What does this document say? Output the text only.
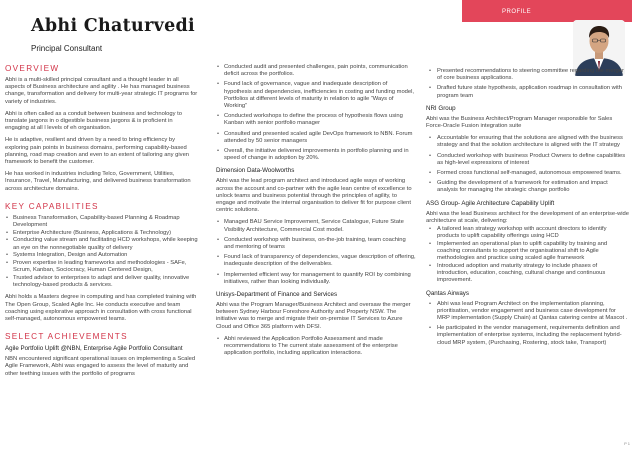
PROFILE
Abhi Chaturvedi
Principal Consultant
OVERVIEW

Abhi is a multi-skilled principal consultant and a thought leader in all aspects of Business architecture and agility . He has managed business change, transformation and delivery for multi-year strategic IT programs for variety of industries.

Abhi is often called as a conduit between business and technology to translate jargons in o digestible business jargons & is proficient in engaging at all l levels of eh organisation.

He is adaptive, resilient and driven by a need to bring efficiency by exploring pain points in business domains, performing capability-based planning, road map creation and even to an extent of tailoring any given framework to benefit the customer.

He has worked in industries including Telco, Government, Utilities, Insurance, Travel, Manufacturing, and delivered business transformation across architecture domains.

KEY CAPABILITIES
• Business Transformation, Capability-based Planning & Roadmap Development
• Enterprise Architecture (Business, Applications & Technology)
• Conducting value stream and facilitating HCD workshops, while keeping an eye on the nonnegotiable quality of delivery
• Systems Integration, Design and Automation
• Proven expertise in leading frameworks and methodologies - SAFe, Scrum, Kanban, Sociocracy, Human Centered Design,
• Trusted advisor to enterprises to adapt and deliver quality, innovative technology-based products & services.

Abhi holds a Masters degree in computing and has completed training with The Open Group, Scaled Agile Inc. He conducts executive and team coaching using explorative approach in consultation with cross functional self-managed, autonomous empowered teams.

SELECT ACHIEVEMENTS
Agile Portfolio Uplift @NBN, Enterprise Agile Portfolio Consultant

NBN encountered significant operational issues on implementing a Scaled Agile Framework, Abhi was engaged to assess the level of maturity and other teething issues with the portfolio of programs

• Conducted audit and presented challenges, pain points, communication deficit across the portfolios.
• Found lack of governance, vague and inadequate description of hypothesis and dependencies, inefficiencies in costing and funding model, Portfolios at different levels of maturity in relation to agile “Ways of Working”
• Conducted workshops to define the process of hypothesis flows using Kanban with senior portfolio manager
• Consulted and presented scaled agile DevOps framework to NBN. Forum attended by 50 senior managers
• Overall, the initiative delivered improvements in portfolio planning and in speed of change in adoption by 20%.
Dimension Data-Woolworths

Abhi was the lead program architect and introduced agile ways of working across the account and co-partner with the agile lean centre of excellence to unlock teams and business potential through the principles of agility, to engage and motivate the internal organisation to deliver fit for purpose client centric solutions.

• Managed BAU Service Improvement, Service Catalogue, Future State Visibility Architecture, Commercial Cost model.
• Conducted workshop with business, on-the-job training, team coaching and mentoring of teams
• Found lack of transparency of dependencies, vague description of offering, inadequate description of the deliverables.
• Implemented efficient way for management to quantify ROI by combining initiatives, rather than looking individually.
Unisys-Department of Finance and Services

Abhi was the Program Manager/Business Architect and oversaw the merger between Sydney Harbour Foreshore Authority and Property NSW. The initiative was to merge and migrate their on-premise IT Services to Azure Cloud and Office 365 platform with DFSI.

• Abhi reviewed the Application Portfolio Assessment and made recommendations to The current state assessment of the enterprise application portfolio, including application interactions.
• Presented recommendations to steering committee regarding the merger of core business applications.
• Drafted future state hypothesis, application roadmap in consultation with program team
NRI Group

Abhi was the Business Architect/Program Manager responsible for Sales Force-Oracle Fusion integration suite

• Accountable for ensuring that the solutions are aligned with the business strategy and that the solution architecture is aligned with the IT strategy
• Conducted workshop with business Product Owners to define capabilities as high-level expressions of interest
• Formed cross functional self-managed, autonomous empowered teams.
• Guiding the development of a framework for estimation and impact analysis for managing the strategic change portfolio
ASG Group- Agile Architecture Capability Uplift

Abhi was the lead Business architect for the development of an enterprise-wide architecture at scale, delivering:

• A tailored lean strategy workshop with account directors to identify products to uplift capability offerings using HCD
• Implemented an operational plan to uplift capability by training and coaching consultants to support the organisational shift to Agile methodologies and practice using scaled agile framework
• Introduced adoption and maturity strategy to include phases of introduction, education, coaching, cultural change and continuous improvement.
Qantas Airways
• Abhi was lead Program Architect on the implementation planning, prioritisation, vendor engagement and business case development for MRP implementation (Supply Chain) at Qantas catering centre at Mascot .
• He participated in the vendor management, requirements definition and implementation of enterprise systems, including the replacement hybrid-cloud MRP system, (Purchasing, Rostering, stock take, Transport)
P 1
